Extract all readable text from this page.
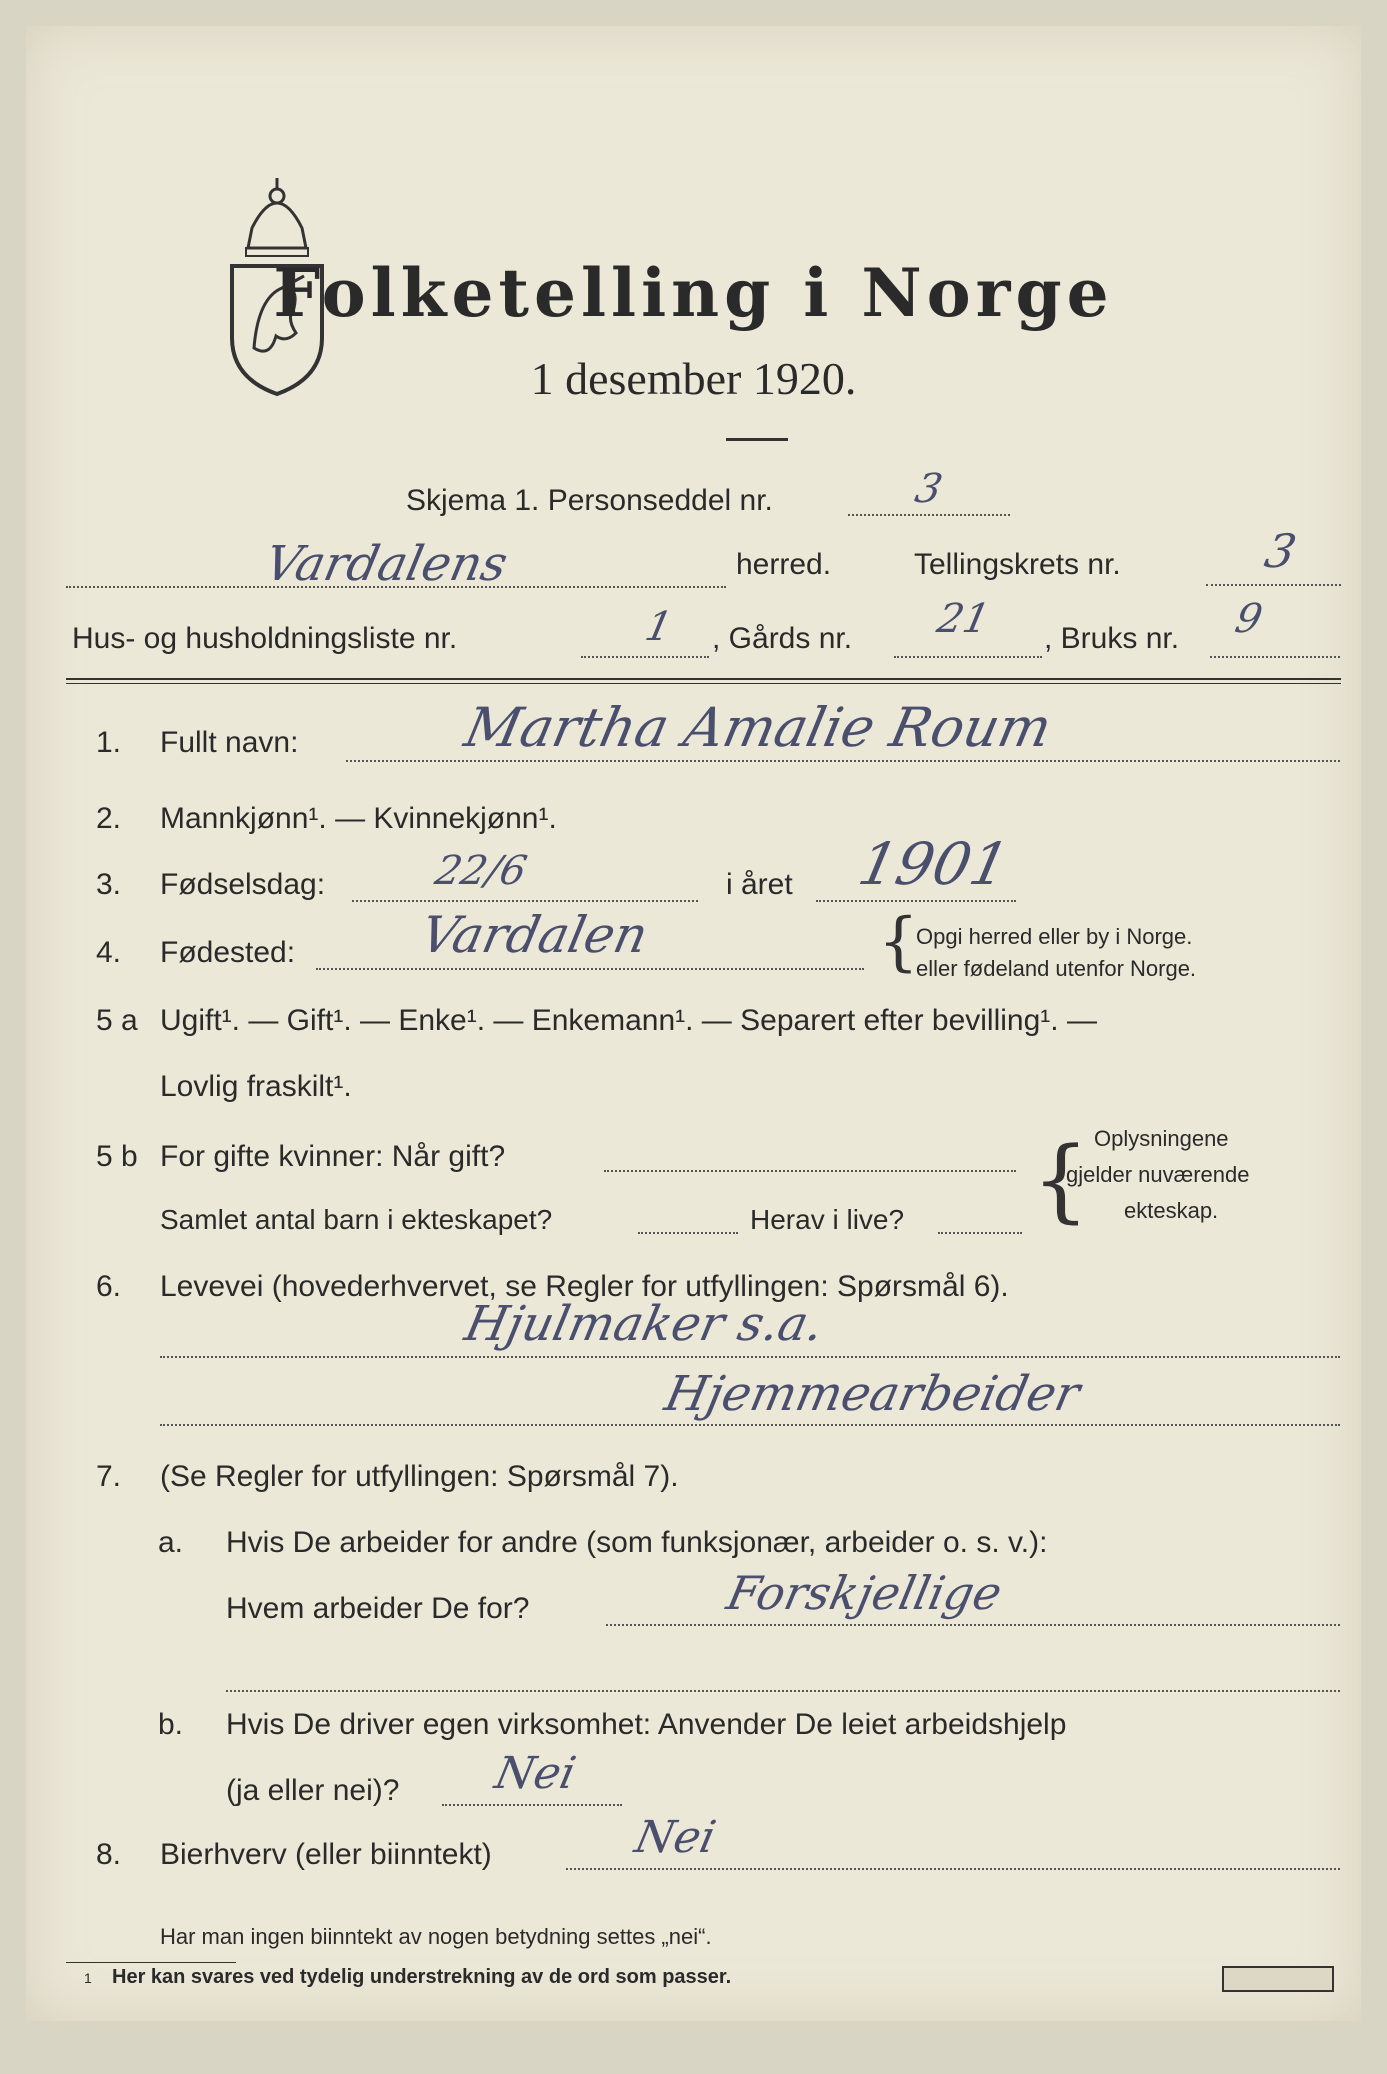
Folketelling i Norge
1 desember 1920.
Skjema 1. Personseddel nr.	3
Vardalens	herred.	Tellingskrets nr.	3
Hus- og husholdningsliste nr.	1 , Gårds nr. 21 , Bruks nr. 9
1. Fullt navn:	Martha Amalie Roum
2. Mannkjønn¹. — Kvinnekjønn¹.
3. Fødselsdag:	22/6	i året 1901
4. Fødested: Vardalen	{
Opgi herred eller by i Norge.
eller fødeland utenfor Norge.
5 a Ugift¹. — Gift¹. — Enke¹. — Enkemann¹. — Separert efter bevilling¹. —
Lovlig fraskilt¹.
5 b For gifte kvinner: Når gift?
Samlet antal barn i ekteskapet?	Herav i live? { Oplysningene
gjelder nuværende
ekteskap.
6. Levevei (hovederhvervet, se Regler for utfyllingen: Spørsmål 6).
Hjulmaker s.a.
Hjemmearbeider
7. (Se Regler for utfyllingen: Spørsmål 7).
a. Hvis De arbeider for andre (som funksjonær, arbeider o. s. v.):
Hvem arbeider De for?	Forskjellige
b. Hvis De driver egen virksomhet: Anvender De leiet arbeidshjelp
(ja eller nei)? Nei
8. Bierhverv (eller biinntekt)	Nei
Har man ingen biinntekt av nogen betydning settes „nei“.
1 Her kan svares ved tydelig understrekning av de ord som passer.
